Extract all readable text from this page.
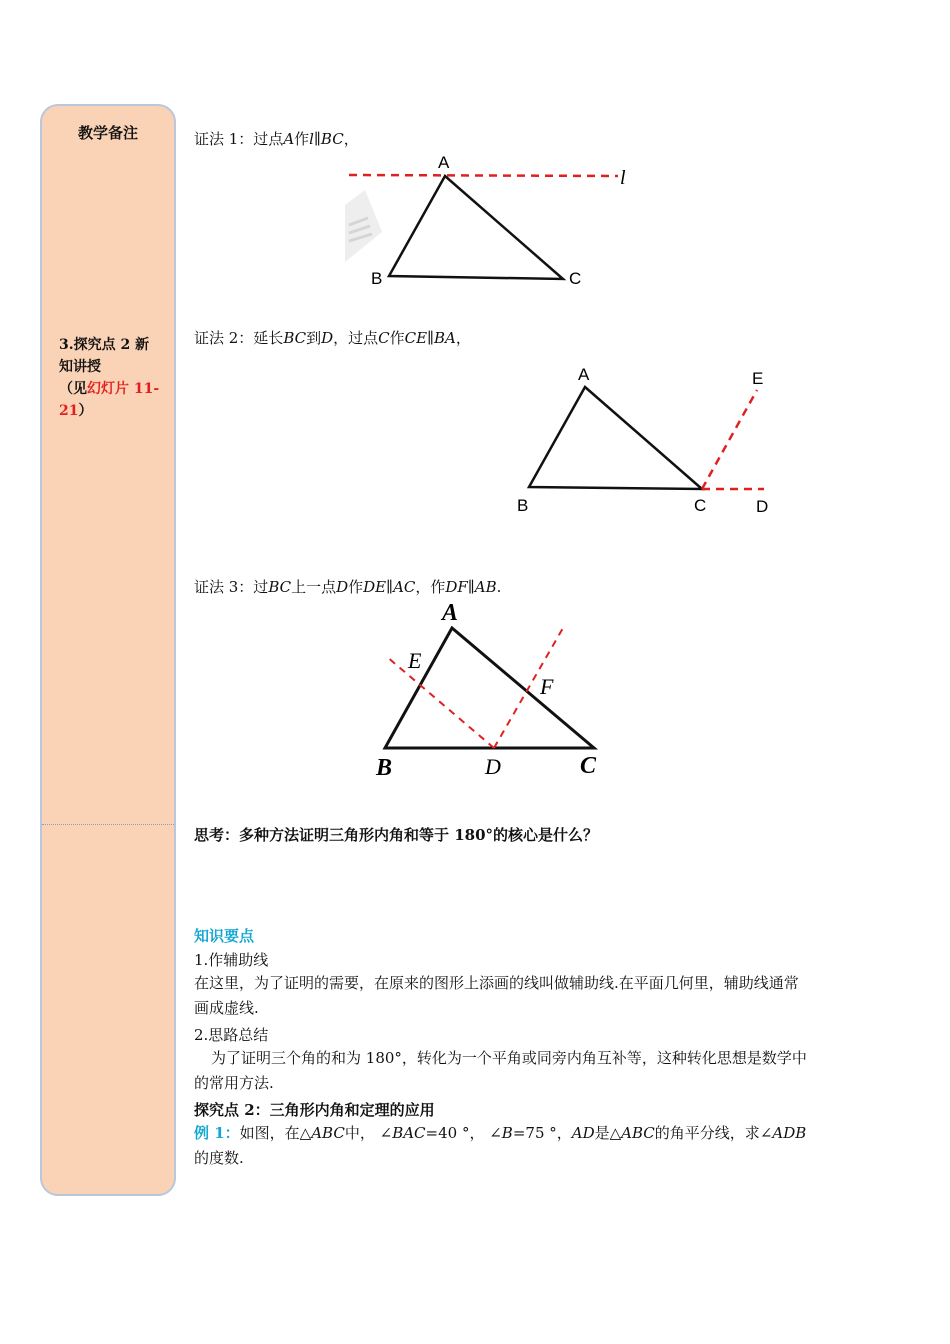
教学备注
3.探究点 2 新知讲授
（见幻灯片 11-21）
证法 1：过点A作l∥BC，
A
B	C
l
证法 2：延长BC到D，过点C作CE∥BA，
A
B	C	D
E
证法 3：过BC上一点D作DE∥AC，作DF∥AB.
A
B	C
D
E
F
思考：多种方法证明三角形内角和等于 180°的核心是什么？
知识要点
1.作辅助线
在这里，为了证明的需要，在原来的图形上添画的线叫做辅助线.在平面几何里，辅助线通常画成虚线.
2.思路总结
为了证明三个角的和为 180°，转化为一个平角或同旁内角互补等，这种转化思想是数学中的常用方法.
探究点 2：三角形内角和定理的应用
例 1：如图，在△ABC中， ∠BAC=40 °， ∠B=75 °，AD是△ABC的角平分线，求∠ADB的度数.
